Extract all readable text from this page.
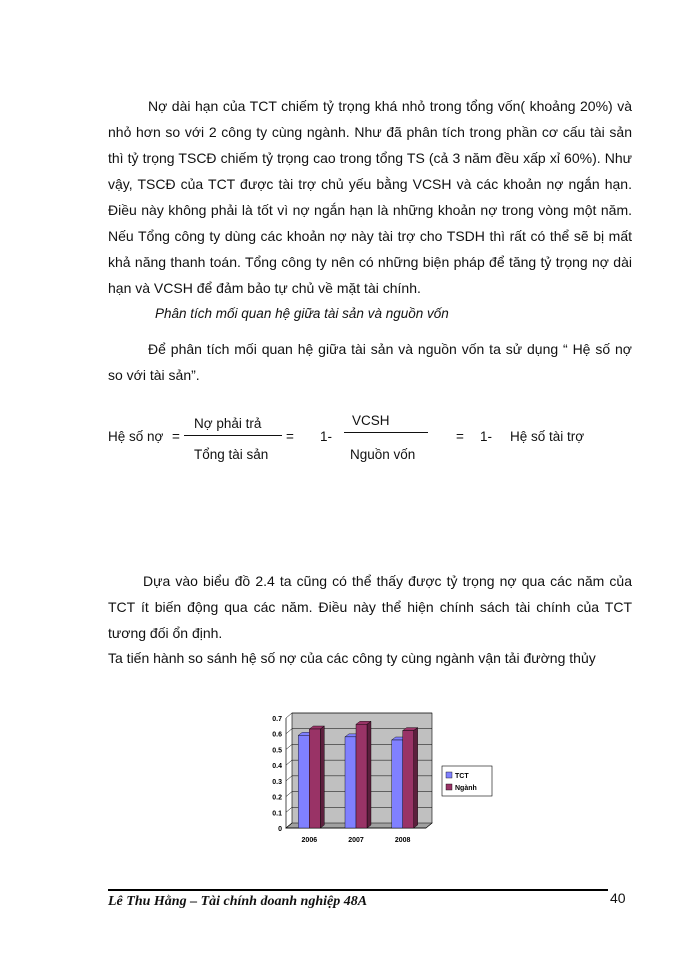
Nợ dài hạn của TCT chiếm tỷ trọng khá nhỏ trong tổng vốn( khoảng 20%) và nhỏ hơn so với 2 công ty cùng ngành. Như đã phân tích trong phần cơ cấu tài sản thì tỷ trọng TSCĐ chiếm tỷ trọng cao trong tổng TS (cả 3 năm đều xấp xỉ 60%). Như vậy, TSCĐ của TCT được tài trợ chủ yếu bằng VCSH và các khoản nợ ngắn hạn. Điều này không phải là tốt vì nợ ngắn hạn là những khoản nợ trong vòng một năm. Nếu Tổng công ty dùng các khoản nợ này tài trợ cho TSDH thì rất có thể sẽ bị mất khả năng thanh toán. Tổng công ty nên có những biện pháp để tăng tỷ trọng nợ dài hạn và VCSH để đảm bảo tự chủ về mặt tài chính.
Phân tích mối quan hệ giữa tài sản và nguồn vốn
Để phân tích mối quan hệ giữa tài sản và nguồn vốn ta sử dụng “ Hệ số nợ so với tài sản”.
Hệ số nợ =
Nợ phải trả
Tổng tài sản
= 1-
VCSH
Nguồn vốn
= 1- Hệ số tài trợ
Dựa vào biểu đồ 2.4 ta cũng có thể thấy được tỷ trọng nợ qua các năm của TCT ít biến động qua các năm. Điều này thể hiện chính sách tài chính của TCT tương đối ổn định.
Ta tiến hành so sánh hệ số nợ của các công ty cùng ngành vận tải đường thủy
0.7
0.6
0.5
0.4
0.3
0.2
0.1
0
2006	2007	2008
TCT
Ngành
Lê Thu Hằng – Tài chính doanh nghiệp 48A	40
